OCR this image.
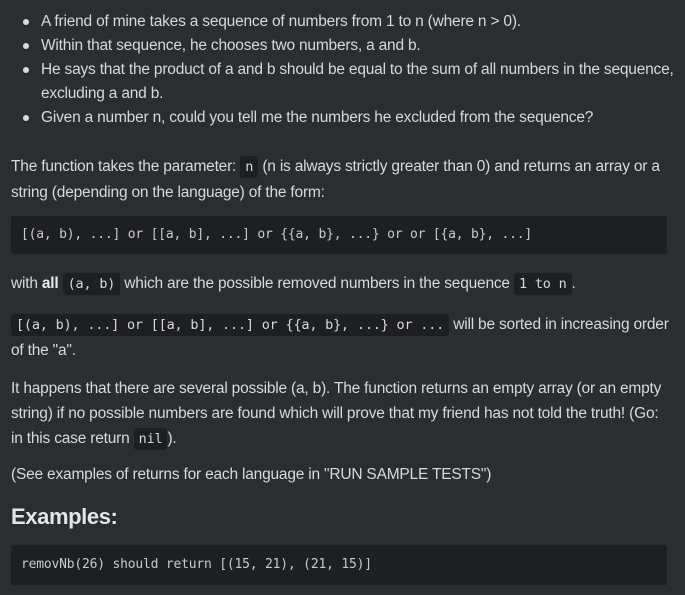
A friend of mine takes a sequence of numbers from 1 to n (where n > 0).
Within that sequence, he chooses two numbers, a and b.
He says that the product of a and b should be equal to the sum of all numbers in the sequence, excluding a and b.
Given a number n, could you tell me the numbers he excluded from the sequence?

The function takes the parameter: n (n is always strictly greater than 0) and returns an array or a string (depending on the language) of the form:

[(a, b), ...] or [[a, b], ...] or {{a, b}, ...} or or [{a, b}, ...]

with all (a, b) which are the possible removed numbers in the sequence 1 to n .

[(a, b), ...] or [[a, b], ...] or {{a, b}, ...} or ... will be sorted in increasing order of the "a".

It happens that there are several possible (a, b). The function returns an empty array (or an empty string) if no possible numbers are found which will prove that my friend has not told the truth! (Go: in this case return nil ).

(See examples of returns for each language in "RUN SAMPLE TESTS")

Examples:
removNb(26) should return [(15, 21), (21, 15)]
